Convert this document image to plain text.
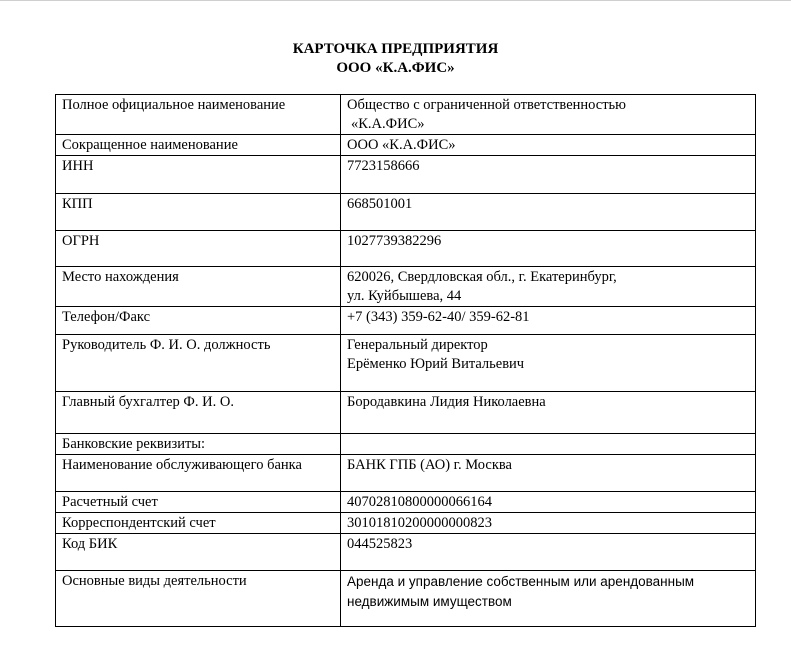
КАРТОЧКА ПРЕДПРИЯТИЯ
ООО «К.А.ФИС»
Полное официальное наименование	Общество с ограниченной ответственностью
«К.А.ФИС»

Сокращенное наименование	ООО «К.А.ФИС»
ИНН	7723158666
КПП	668501001
ОГРН	1027739382296
Место нахождения	620026, Свердловская обл., г. Екатеринбург,
ул. Куйбышева, 44

Телефон/Факс	+7 (343) 359-62-40/ 359-62-81
Руководитель Ф. И. О. должность	Генеральный директор
Ерёменко Юрий Витальевич

Главный бухгалтер Ф. И. О.	Бородавкина Лидия Николаевна
Банковские реквизиты:	
Наименование обслуживающего банка	БАНК ГПБ (АО) г. Москва
Расчетный счет	40702810800000066164
Корреспондентский счет	30101810200000000823
Код БИК	044525823
Основные виды деятельности	Аренда и управление собственным или арендованным
недвижимым имуществом
